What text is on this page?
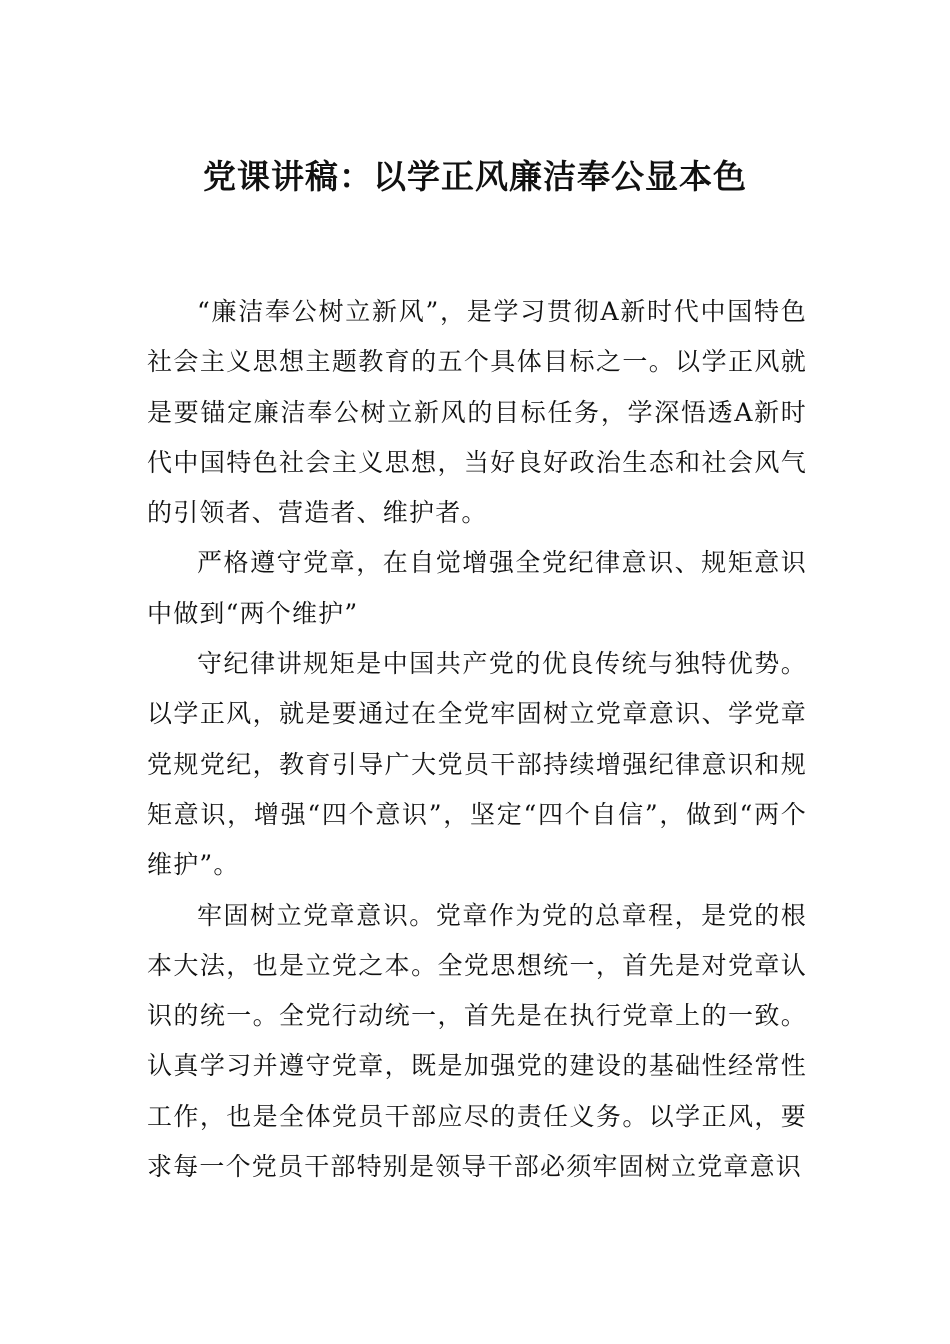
党课讲稿：以学正风廉洁奉公显本色

“廉洁奉公树立新风”，是学习贯彻A新时代中国特色社会主义思想主题教育的五个具体目标之一。以学正风就是要锚定廉洁奉公树立新风的目标任务，学深悟透A新时代中国特色社会主义思想，当好良好政治生态和社会风气的引领者、营造者、维护者。

严格遵守党章，在自觉增强全党纪律意识、规矩意识中做到“两个维护”

守纪律讲规矩是中国共产党的优良传统与独特优势。以学正风，就是要通过在全党牢固树立党章意识、学党章党规党纪，教育引导广大党员干部持续增强纪律意识和规矩意识，增强“四个意识”，坚定“四个自信”，做到“两个维护”。

牢固树立党章意识。党章作为党的总章程，是党的根本大法，也是立党之本。全党思想统一，首先是对党章认识的统一。全党行动统一，首先是在执行党章上的一致。认真学习并遵守党章，既是加强党的建设的基础性经常性工作，也是全体党员干部应尽的责任义务。以学正风，要求每一个党员干部特别是领导干部必须牢固树立党章意识
